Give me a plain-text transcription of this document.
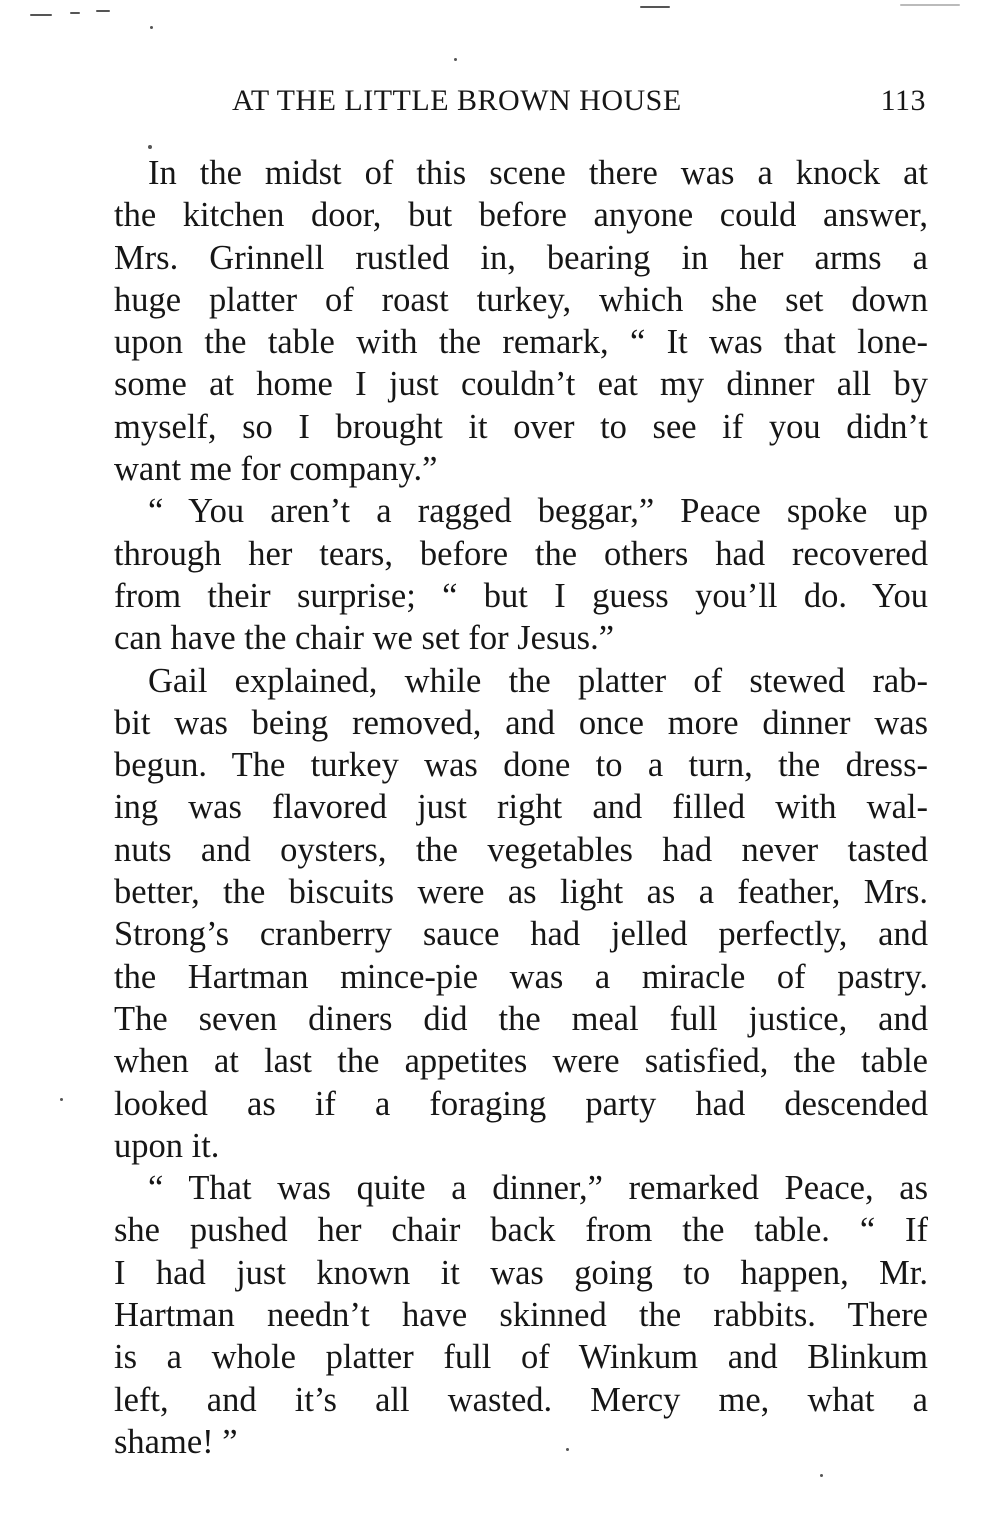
AT THE LITTLE BROWN HOUSE	113
In the midst of this scene there was a knock at
the kitchen door, but before anyone could answer,
Mrs. Grinnell rustled in, bearing in her arms a
huge platter of roast turkey, which she set down
upon the table with the remark, “ It was that lone-
some at home I just couldn’t eat my dinner all by
myself, so I brought it over to see if you didn’t
want me for company.”
“ You aren’t a ragged beggar,” Peace spoke up
through her tears, before the others had recovered
from their surprise; “ but I guess you’ll do. You
can have the chair we set for Jesus.”
Gail explained, while the platter of stewed rab-
bit was being removed, and once more dinner was
begun. The turkey was done to a turn, the dress-
ing was flavored just right and filled with wal-
nuts and oysters, the vegetables had never tasted
better, the biscuits were as light as a feather, Mrs.
Strong’s cranberry sauce had jelled perfectly, and
the Hartman mince-pie was a miracle of pastry.
The seven diners did the meal full justice, and
when at last the appetites were satisfied, the table
looked as if a foraging party had descended
upon it.
“ That was quite a dinner,” remarked Peace, as
she pushed her chair back from the table. “ If
I had just known it was going to happen, Mr.
Hartman needn’t have skinned the rabbits. There
is a whole platter full of Winkum and Blinkum
left, and it’s all wasted. Mercy me, what a
shame! ”
